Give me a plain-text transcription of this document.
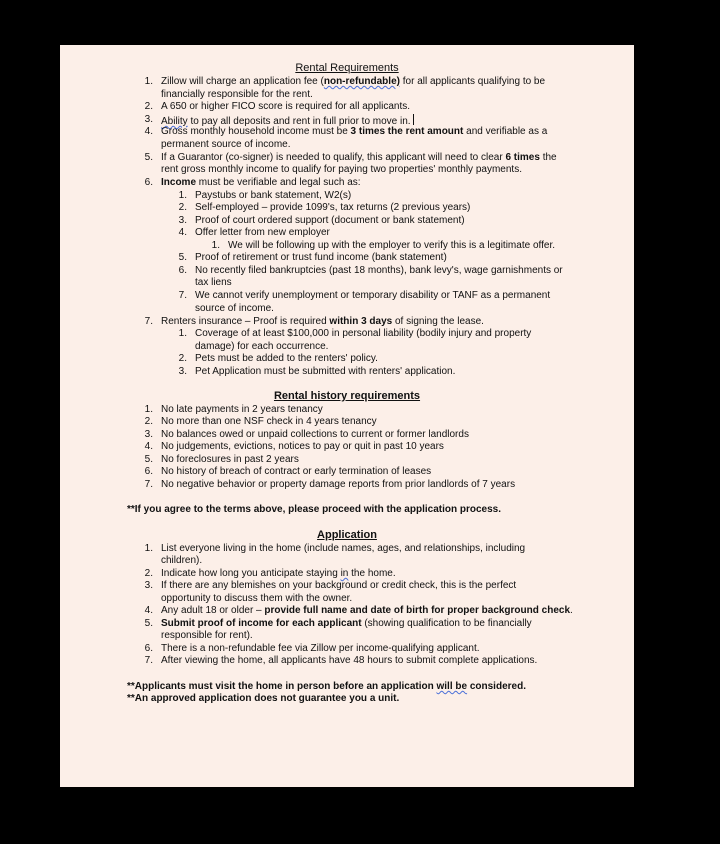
Rental Requirements
1. Zillow will charge an application fee (non-refundable) for all applicants qualifying to be
financially responsible for the rent.
2. A 650 or higher FICO score is required for all applicants.
3. Ability to pay all deposits and rent in full prior to move in.
4. Gross monthly household income must be 3 times the rent amount and verifiable as a
permanent source of income.
5. If a Guarantor (co-signer) is needed to qualify, this applicant will need to clear 6 times the
rent gross monthly income to qualify for paying two properties' monthly payments.
6. Income must be verifiable and legal such as:
1. Paystubs or bank statement, W2(s)
2. Self-employed – provide 1099's, tax returns (2 previous years)
3. Proof of court ordered support (document or bank statement)
4. Offer letter from new employer
1. We will be following up with the employer to verify this is a legitimate offer.
5. Proof of retirement or trust fund income (bank statement)
6. No recently filed bankruptcies (past 18 months), bank levy's, wage garnishments or
tax liens
7. We cannot verify unemployment or temporary disability or TANF as a permanent
source of income.
7. Renters insurance – Proof is required within 3 days of signing the lease.
1. Coverage of at least $100,000 in personal liability (bodily injury and property
damage) for each occurrence.
2. Pets must be added to the renters' policy.
3. Pet Application must be submitted with renters' application.
Rental history requirements
1. No late payments in 2 years tenancy
2. No more than one NSF check in 4 years tenancy
3. No balances owed or unpaid collections to current or former landlords
4. No judgements, evictions, notices to pay or quit in past 10 years
5. No foreclosures in past 2 years
6. No history of breach of contract or early termination of leases
7. No negative behavior or property damage reports from prior landlords of 7 years
**If you agree to the terms above, please proceed with the application process.
Application
1. List everyone living in the home (include names, ages, and relationships, including
children).
2. Indicate how long you anticipate staying in the home.
3. If there are any blemishes on your background or credit check, this is the perfect
opportunity to discuss them with the owner.
4. Any adult 18 or older – provide full name and date of birth for proper background check.
5. Submit proof of income for each applicant (showing qualification to be financially
responsible for rent).
6. There is a non-refundable fee via Zillow per income-qualifying applicant.
7. After viewing the home, all applicants have 48 hours to submit complete applications.
**Applicants must visit the home in person before an application will be considered.
**An approved application does not guarantee you a unit.
